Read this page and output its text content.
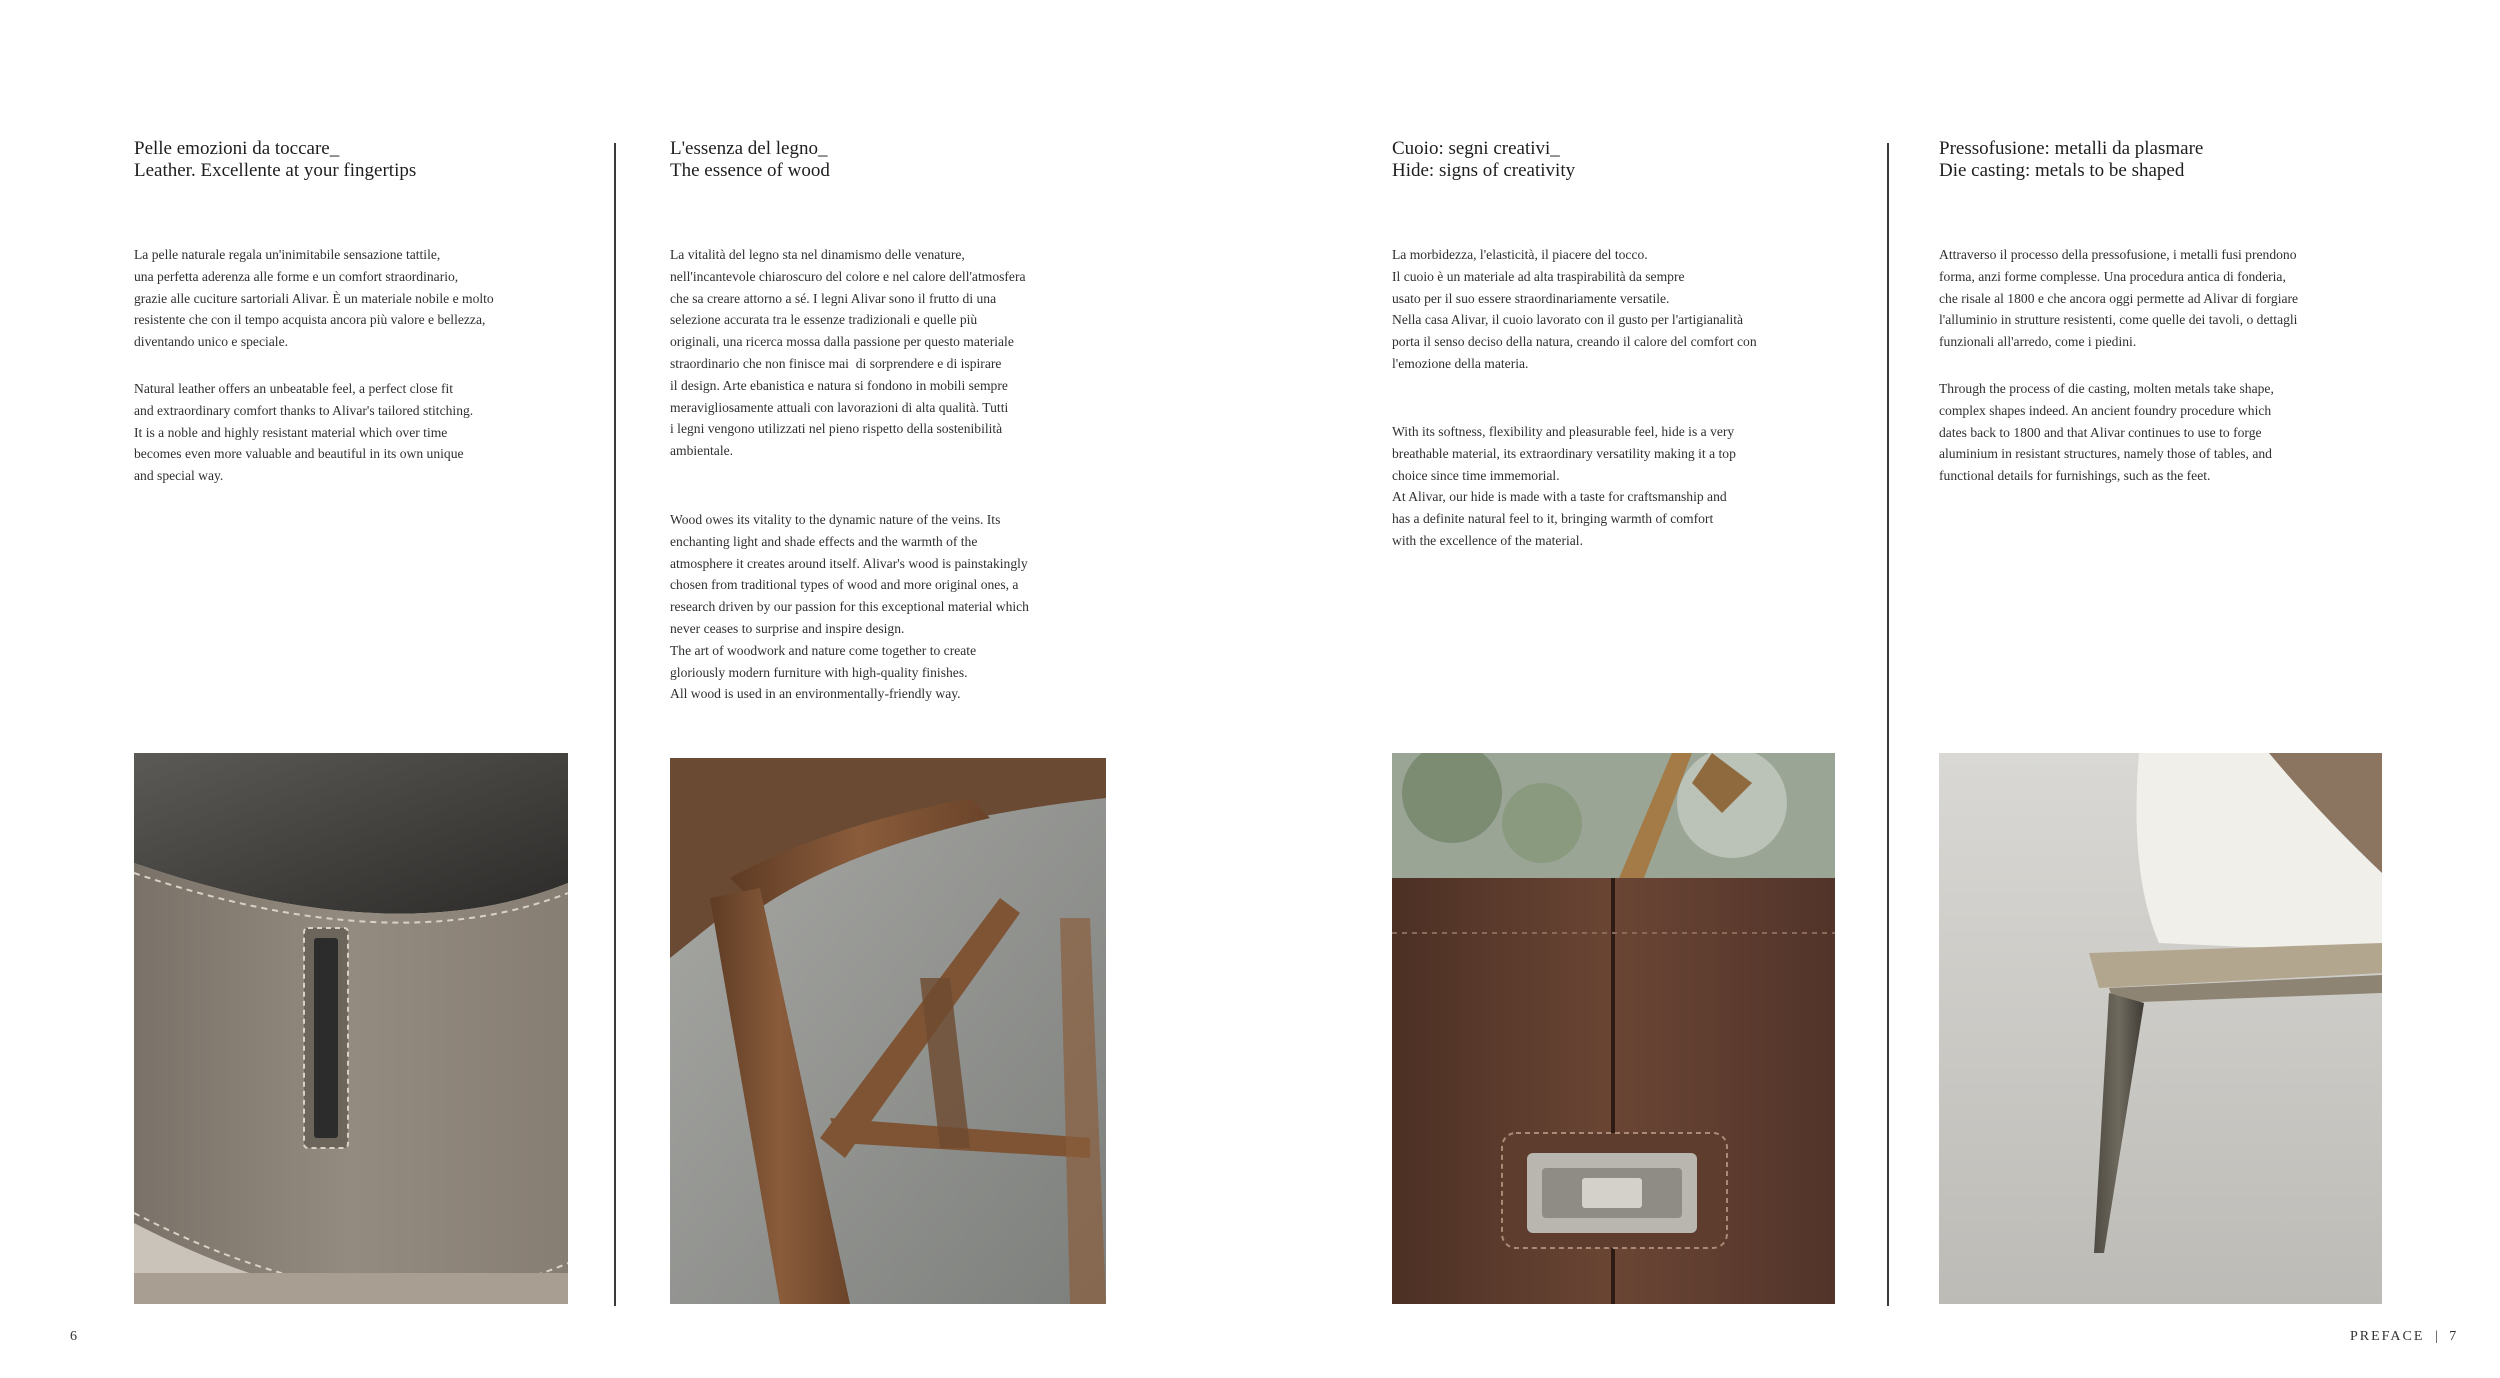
Pelle emozioni da toccare_
Leather. Excellente at your fingertips
La pelle naturale regala un'inimitabile sensazione tattile,
una perfetta aderenza alle forme e un comfort straordinario,
grazie alle cuciture sartoriali Alivar. È un materiale nobile e molto
resistente che con il tempo acquista ancora più valore e bellezza,
diventando unico e speciale.
Natural leather offers an unbeatable feel, a perfect close fit
and extraordinary comfort thanks to Alivar's tailored stitching.
It is a noble and highly resistant material which over time
becomes even more valuable and beautiful in its own unique
and special way.
L'essenza del legno_
The essence of wood
La vitalità del legno sta nel dinamismo delle venature,
nell'incantevole chiaroscuro del colore e nel calore dell'atmosfera
che sa creare attorno a sé. I legni Alivar sono il frutto di una
selezione accurata tra le essenze tradizionali e quelle più
originali, una ricerca mossa dalla passione per questo materiale
straordinario che non finisce mai  di sorprendere e di ispirare
il design. Arte ebanistica e natura si fondono in mobili sempre
meravigliosamente attuali con lavorazioni di alta qualità. Tutti
i legni vengono utilizzati nel pieno rispetto della sostenibilità
ambientale.
Wood owes its vitality to the dynamic nature of the veins. Its
enchanting light and shade effects and the warmth of the
atmosphere it creates around itself. Alivar's wood is painstakingly
chosen from traditional types of wood and more original ones, a
research driven by our passion for this exceptional material which
never ceases to surprise and inspire design.
The art of woodwork and nature come together to create
gloriously modern furniture with high-quality finishes.
All wood is used in an environmentally-friendly way.
Cuoio: segni creativi_
Hide: signs of creativity
La morbidezza, l'elasticità, il piacere del tocco.
Il cuoio è un materiale ad alta traspirabilità da sempre
usato per il suo essere straordinariamente versatile.
Nella casa Alivar, il cuoio lavorato con il gusto per l'artigianalità
porta il senso deciso della natura, creando il calore del comfort con
l'emozione della materia.
With its softness, flexibility and pleasurable feel, hide is a very
breathable material, its extraordinary versatility making it a top
choice since time immemorial.
At Alivar, our hide is made with a taste for craftsmanship and
has a definite natural feel to it, bringing warmth of comfort
with the excellence of the material.
Pressofusione: metalli da plasmare
Die casting: metals to be shaped
Attraverso il processo della pressofusione, i metalli fusi prendono
forma, anzi forme complesse. Una procedura antica di fonderia,
che risale al 1800 e che ancora oggi permette ad Alivar di forgiare
l'alluminio in strutture resistenti, come quelle dei tavoli, o dettagli
funzionali all'arredo, come i piedini.
Through the process of die casting, molten metals take shape,
complex shapes indeed. An ancient foundry procedure which
dates back to 1800 and that Alivar continues to use to forge
aluminium in resistant structures, namely those of tables, and
functional details for furnishings, such as the feet.
6	PREFACE | 7
